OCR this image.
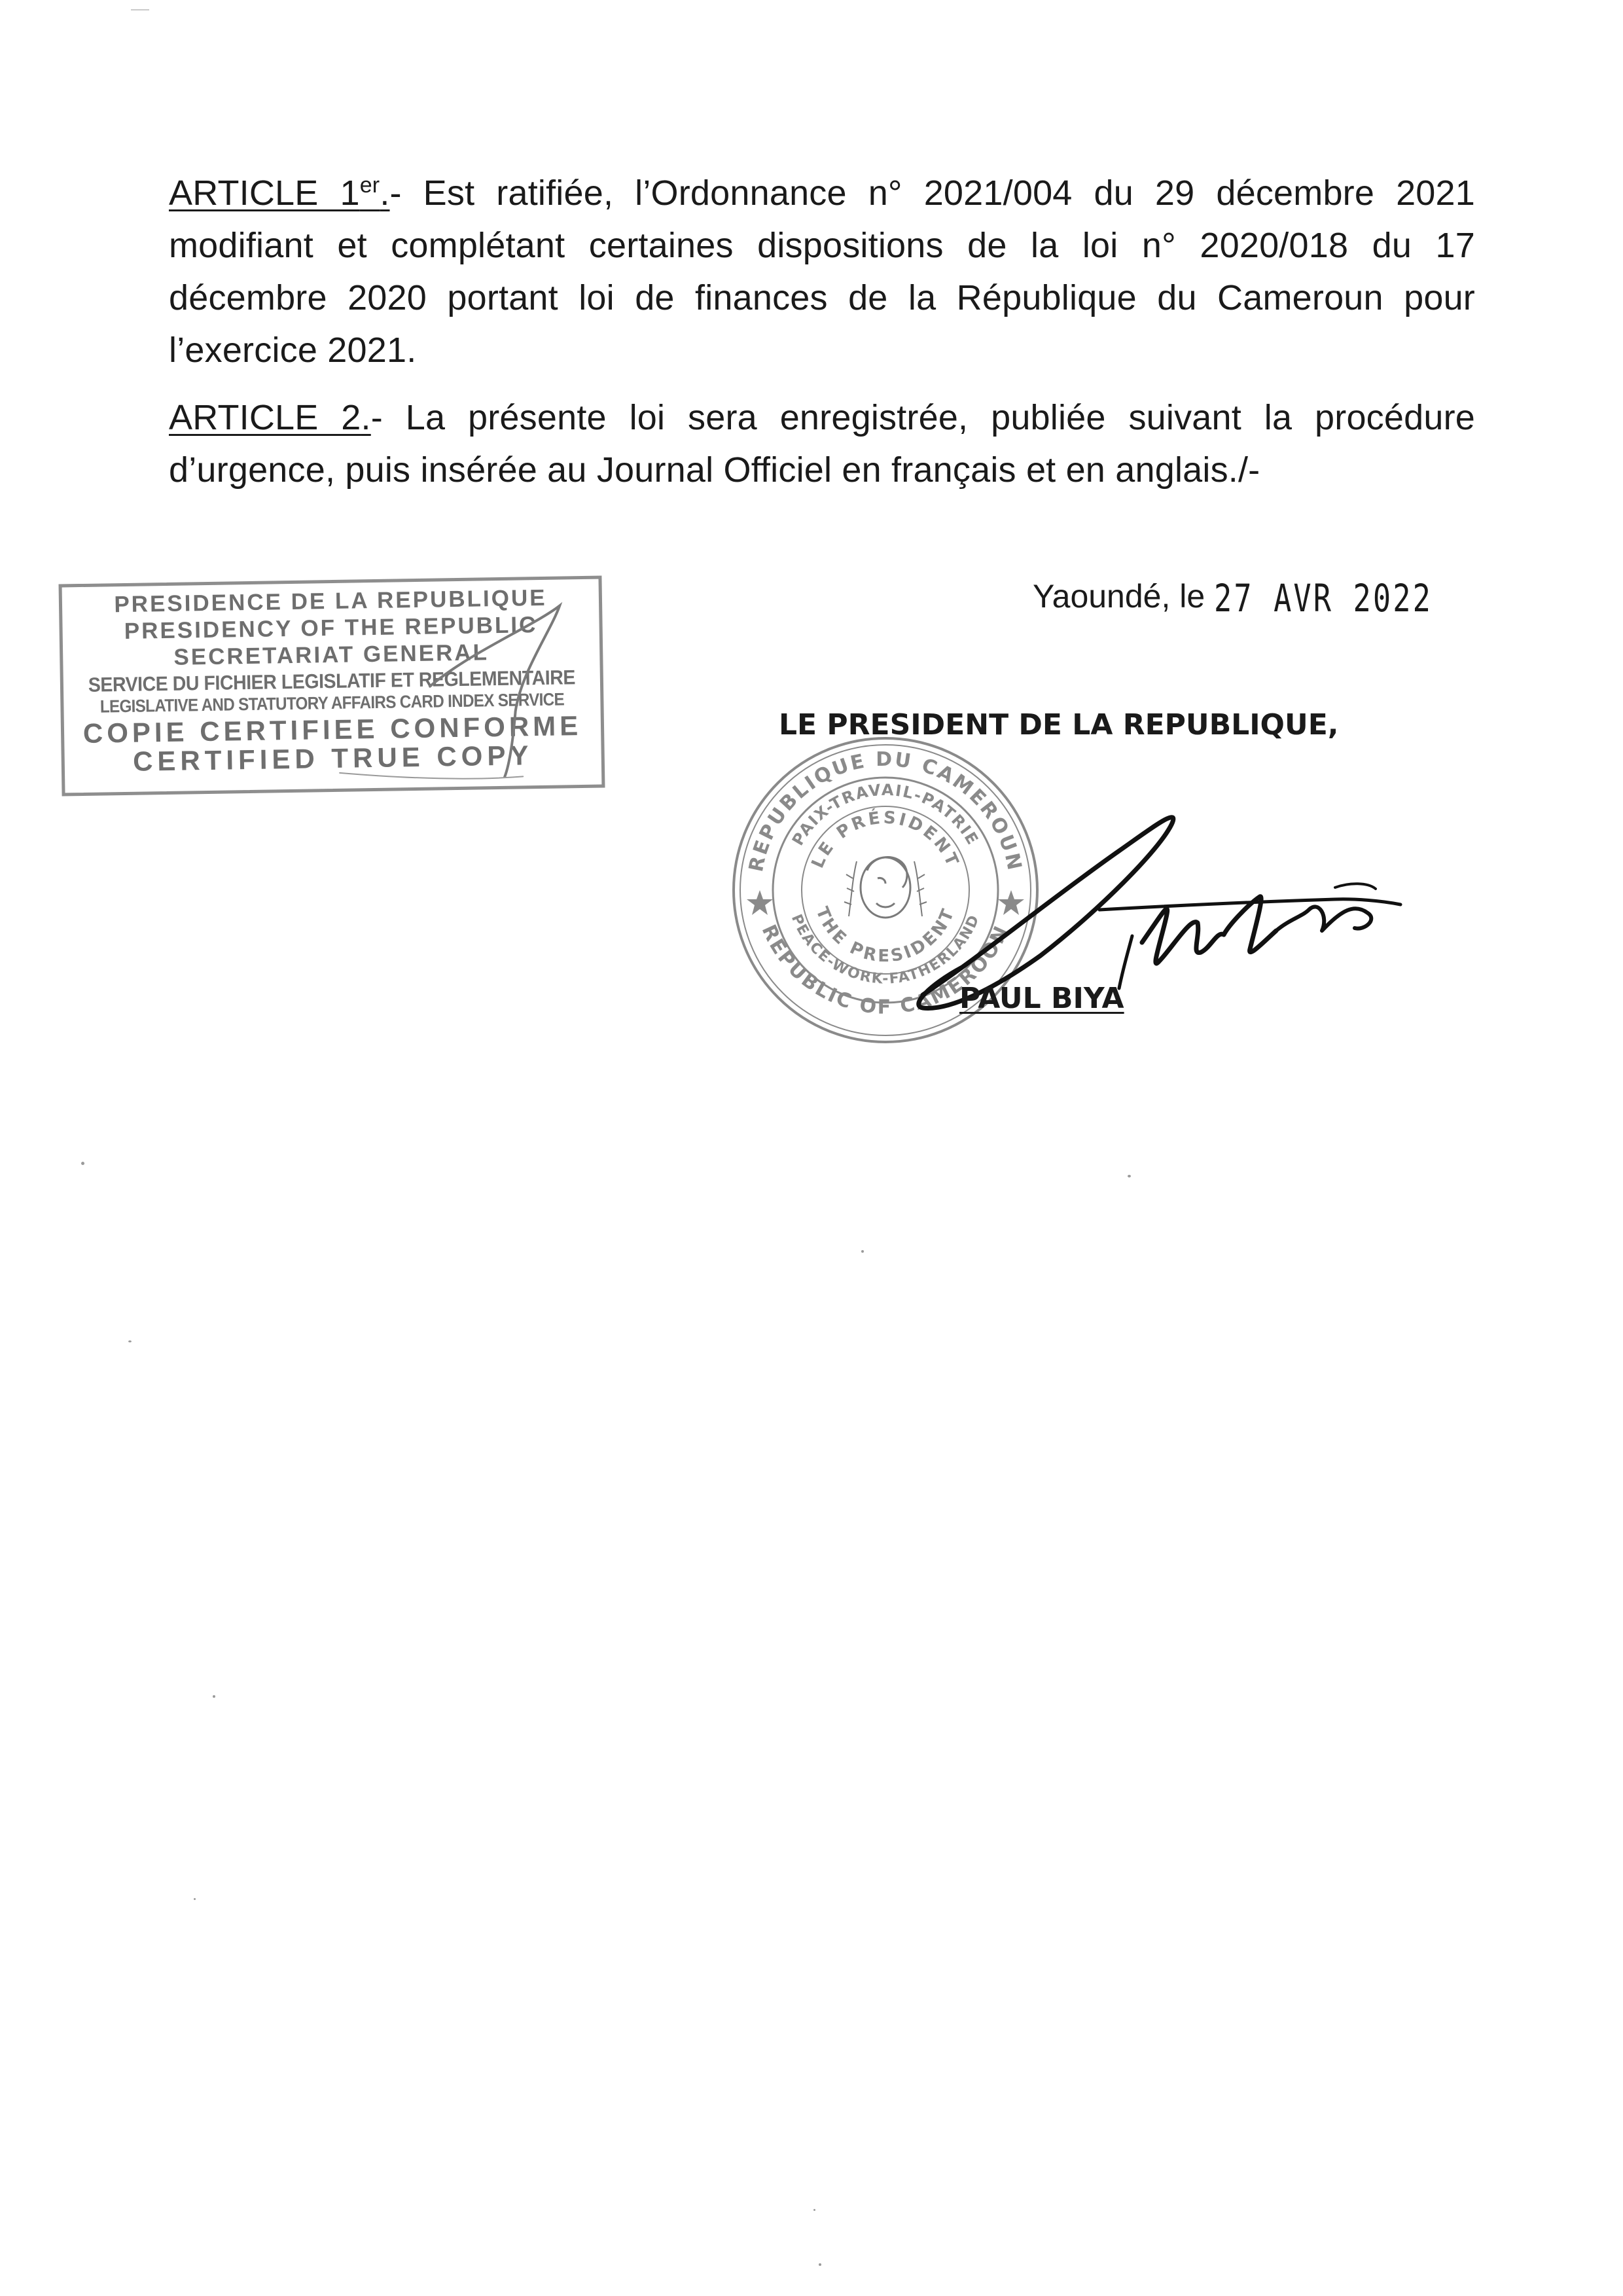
ARTICLE 1er.- Est ratifiée, l’Ordonnance n° 2021/004 du 29 décembre 2021 modifiant et complétant certaines dispositions de la loi n° 2020/018 du 17 décembre 2020 portant loi de finances de la République du Cameroun pour l’exercice 2021.

ARTICLE 2.- La présente loi sera enregistrée, publiée suivant la procédure d’urgence, puis insérée au Journal Officiel en français et en anglais./-

PRESIDENCE DE LA REPUBLIQUE
PRESIDENCY OF THE REPUBLIC
SECRETARIAT GENERAL
SERVICE DU FICHIER LEGISLATIF ET REGLEMENTAIRE
LEGISLATIVE AND STATUTORY AFFAIRS CARD INDEX SERVICE
COPIE CERTIFIEE CONFORME
CERTIFIED TRUE COPY
Yaoundé, le 27 AVR 2022
REPUBLIQUE DU CAMEROUN
PAIX-TRAVAIL-PATRIE
LE PRÉSIDENT
THE PRESIDENT
PEACE-WORK-FATHERLAND
REPUBLIC OF CAMEROON
LE PRESIDENT DE LA REPUBLIQUE,
PAUL BIYA
